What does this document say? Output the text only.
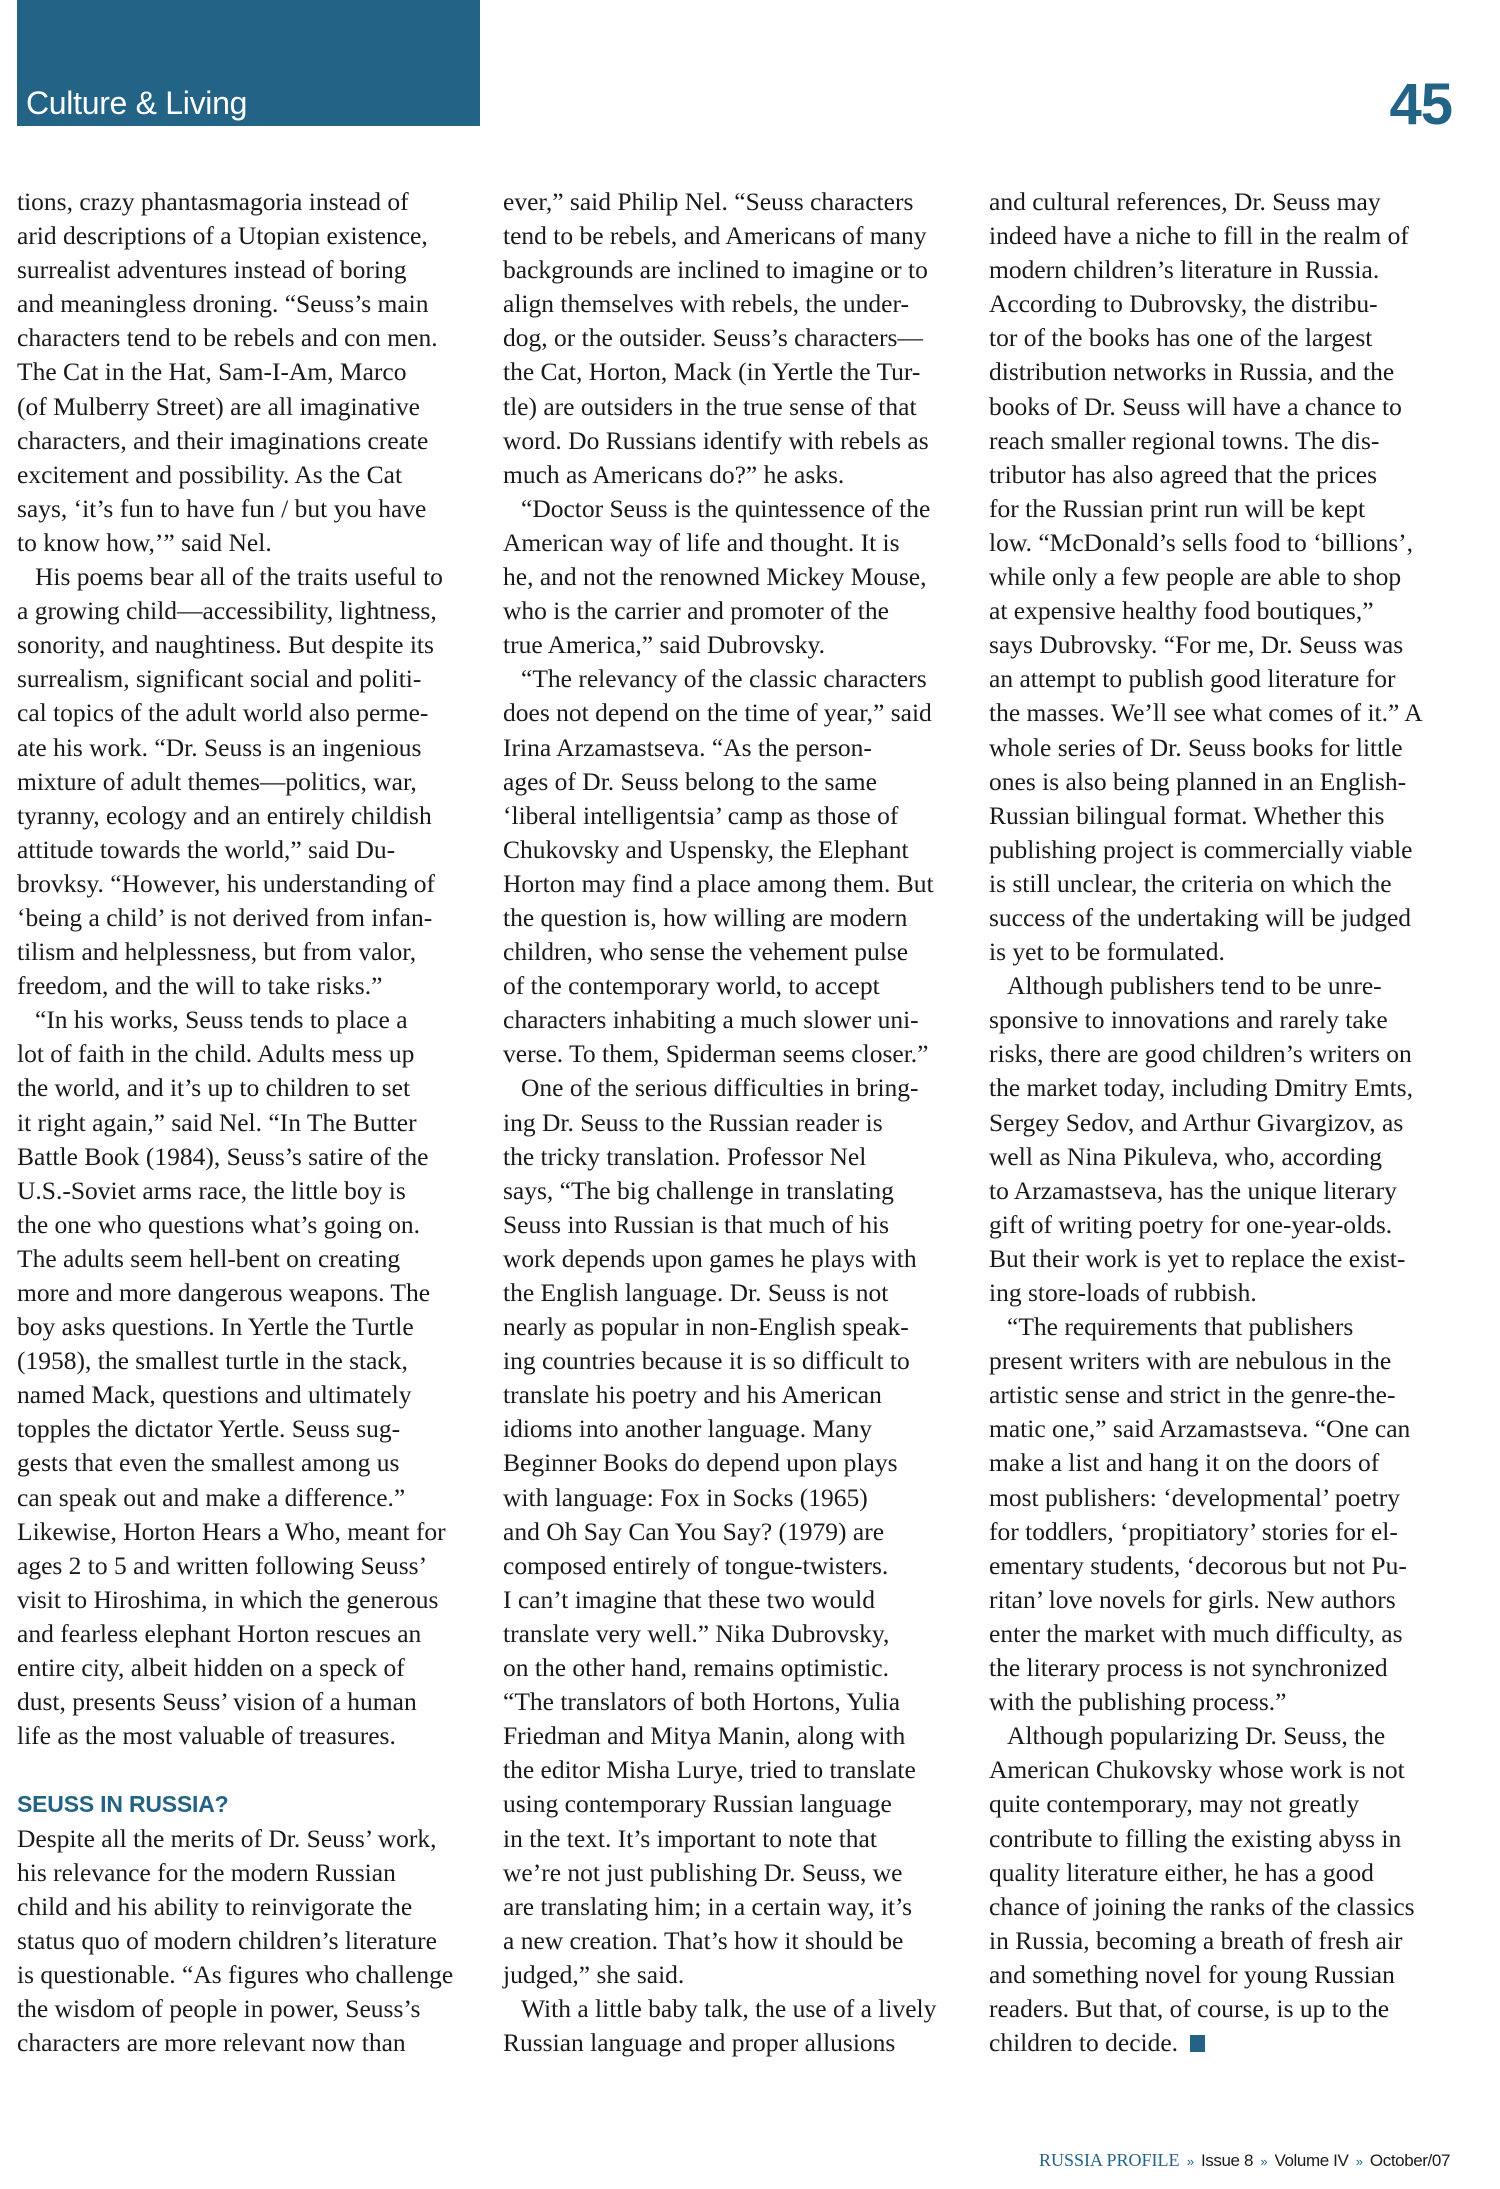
Culture & Living	45
tions, crazy phantasmagoria instead of
arid descriptions of a Utopian existence,
surrealist adventures instead of boring
and meaningless droning. “Seuss’s main
characters tend to be rebels and con men.
The Cat in the Hat, Sam-I-Am, Marco
(of Mulberry Street) are all imaginative
characters, and their imaginations create
excitement and possibility. As the Cat
says, ‘it’s fun to have fun / but you have
to know how,’” said Nel.
His poems bear all of the traits useful to
a growing child—accessibility, lightness,
sonority, and naughtiness. But despite its
surrealism, significant social and politi-
cal topics of the adult world also perme-
ate his work. “Dr. Seuss is an ingenious
mixture of adult themes—politics, war,
tyranny, ecology and an entirely childish
attitude towards the world,” said Du-
brovksy. “However, his understanding of
‘being a child’ is not derived from infan-
tilism and helplessness, but from valor,
freedom, and the will to take risks.”
“In his works, Seuss tends to place a
lot of faith in the child. Adults mess up
the world, and it’s up to children to set
it right again,” said Nel. “In The Butter
Battle Book (1984), Seuss’s satire of the
U.S.-Soviet arms race, the little boy is
the one who questions what’s going on.
The adults seem hell-bent on creating
more and more dangerous weapons. The
boy asks questions. In Yertle the Turtle
(1958), the smallest turtle in the stack,
named Mack, questions and ultimately
topples the dictator Yertle. Seuss sug-
gests that even the smallest among us
can speak out and make a difference.”
Likewise, Horton Hears a Who, meant for
ages 2 to 5 and written following Seuss’
visit to Hiroshima, in which the generous
and fearless elephant Horton rescues an
entire city, albeit hidden on a speck of
dust, presents Seuss’ vision of a human
life as the most valuable of treasures.
SEUSS IN RUSSIA?
Despite all the merits of Dr. Seuss’ work,
his relevance for the modern Russian
child and his ability to reinvigorate the
status quo of modern children’s literature
is questionable. “As figures who challenge
the wisdom of people in power, Seuss’s
characters are more relevant now than
ever,” said Philip Nel. “Seuss characters
tend to be rebels, and Americans of many
backgrounds are inclined to imagine or to
align themselves with rebels, the under-
dog, or the outsider. Seuss’s characters—
the Cat, Horton, Mack (in Yertle the Tur-
tle) are outsiders in the true sense of that
word. Do Russians identify with rebels as
much as Americans do?” he asks.
“Doctor Seuss is the quintessence of the
American way of life and thought. It is
he, and not the renowned Mickey Mouse,
who is the carrier and promoter of the
true America,” said Dubrovsky.
“The relevancy of the classic characters
does not depend on the time of year,” said
Irina Arzamastseva. “As the person-
ages of Dr. Seuss belong to the same
‘liberal intelligentsia’ camp as those of
Chukovsky and Uspensky, the Elephant
Horton may find a place among them. But
the question is, how willing are modern
children, who sense the vehement pulse
of the contemporary world, to accept
characters inhabiting a much slower uni-
verse. To them, Spiderman seems closer.”
One of the serious difficulties in bring-
ing Dr. Seuss to the Russian reader is
the tricky translation. Professor Nel
says, “The big challenge in translating
Seuss into Russian is that much of his
work depends upon games he plays with
the English language. Dr. Seuss is not
nearly as popular in non-English speak-
ing countries because it is so difficult to
translate his poetry and his American
idioms into another language. Many
Beginner Books do depend upon plays
with language: Fox in Socks (1965)
and Oh Say Can You Say? (1979) are
composed entirely of tongue-twisters.
I can’t imagine that these two would
translate very well.” Nika Dubrovsky,
on the other hand, remains optimistic.
“The translators of both Hortons, Yulia
Friedman and Mitya Manin, along with
the editor Misha Lurye, tried to translate
using contemporary Russian language
in the text. It’s important to note that
we’re not just publishing Dr. Seuss, we
are translating him; in a certain way, it’s
a new creation. That’s how it should be
judged,” she said.
With a little baby talk, the use of a lively
Russian language and proper allusions
and cultural references, Dr. Seuss may
indeed have a niche to fill in the realm of
modern children’s literature in Russia.
According to Dubrovsky, the distribu-
tor of the books has one of the largest
distribution networks in Russia, and the
books of Dr. Seuss will have a chance to
reach smaller regional towns. The dis-
tributor has also agreed that the prices
for the Russian print run will be kept
low. “McDonald’s sells food to ‘billions’,
while only a few people are able to shop
at expensive healthy food boutiques,”
says Dubrovsky. “For me, Dr. Seuss was
an attempt to publish good literature for
the masses. We’ll see what comes of it.” A
whole series of Dr. Seuss books for little
ones is also being planned in an English-
Russian bilingual format. Whether this
publishing project is commercially viable
is still unclear, the criteria on which the
success of the undertaking will be judged
is yet to be formulated.
Although publishers tend to be unre-
sponsive to innovations and rarely take
risks, there are good children’s writers on
the market today, including Dmitry Emts,
Sergey Sedov, and Arthur Givargizov, as
well as Nina Pikuleva, who, according
to Arzamastseva, has the unique literary
gift of writing poetry for one-year-olds.
But their work is yet to replace the exist-
ing store-loads of rubbish.
“The requirements that publishers
present writers with are nebulous in the
artistic sense and strict in the genre-the-
matic one,” said Arzamastseva. “One can
make a list and hang it on the doors of
most publishers: ‘developmental’ poetry
for toddlers, ‘propitiatory’ stories for el-
ementary students, ‘decorous but not Pu-
ritan’ love novels for girls. New authors
enter the market with much difficulty, as
the literary process is not synchronized
with the publishing process.”
Although popularizing Dr. Seuss, the
American Chukovsky whose work is not
quite contemporary, may not greatly
contribute to filling the existing abyss in
quality literature either, he has a good
chance of joining the ranks of the classics
in Russia, becoming a breath of fresh air
and something novel for young Russian
readers. But that, of course, is up to the
children to decide.
RUSSIA PROFILE » Issue 8 » Volume IV » October/07
